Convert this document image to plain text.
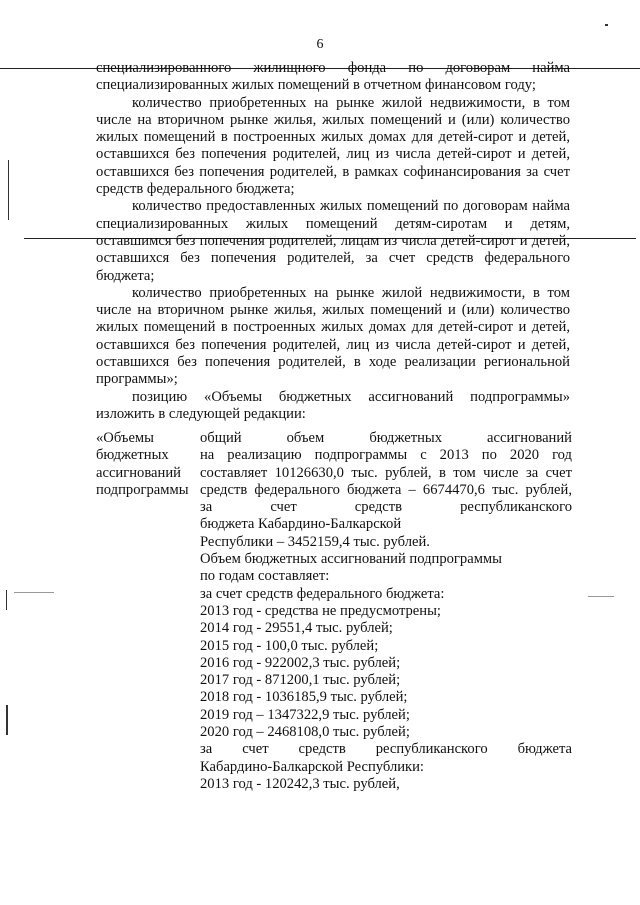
6

специализированного жилищного фонда по договорам найма специализированных жилых помещений в отчетном финансовом году;

количество приобретенных на рынке жилой недвижимости, в том числе на вторичном рынке жилья, жилых помещений и (или) количество жилых помещений в построенных жилых домах для детей-сирот и детей, оставшихся без попечения родителей, лиц из числа детей-сирот и детей, оставшихся без попечения родителей, в рамках софинансирования за счет средств федерального бюджета;

количество предоставленных жилых помещений по договорам найма специализированных жилых помещений детям-сиротам и детям, оставшимся без попечения родителей, лицам из числа детей-сирот и детей, оставшихся без попечения родителей, за счет средств федерального бюджета;

количество приобретенных на рынке жилой недвижимости, в том числе на вторичном рынке жилья, жилых помещений и (или) количество жилых помещений в построенных жилых домах для детей-сирот и детей, оставшихся без попечения родителей, лиц из числа детей-сирот и детей, оставшихся без попечения родителей, в ходе реализации региональной программы»;

позицию «Объемы бюджетных ассигнований подпрограммы» изложить в следующей редакции:

«Объемы
бюджетных
ассигнований
подпрограммы
общий объем бюджетных ассигнований
на реализацию подпрограммы с 2013 по 2020 год
составляет 10126630,0 тыс. рублей, в том числе за счет
средств федерального бюджета – 6674470,6 тыс. рублей,
за счет средств республиканского
бюджета Кабардино-Балкарской
Республики – 3452159,4 тыс. рублей.
Объем бюджетных ассигнований подпрограммы
по годам составляет:
за счет средств федерального бюджета:
2013 год - средства не предусмотрены;
2014 год - 29551,4 тыс. рублей;
2015 год - 100,0 тыс. рублей;
2016 год - 922002,3 тыс. рублей;
2017 год - 871200,1 тыс. рублей;
2018 год - 1036185,9 тыс. рублей;
2019 год – 1347322,9 тыс. рублей;
2020 год – 2468108,0 тыс. рублей;
за счет средств республиканского бюджета
Кабардино-Балкарской Республики:
2013 год - 120242,3 тыс. рублей,
